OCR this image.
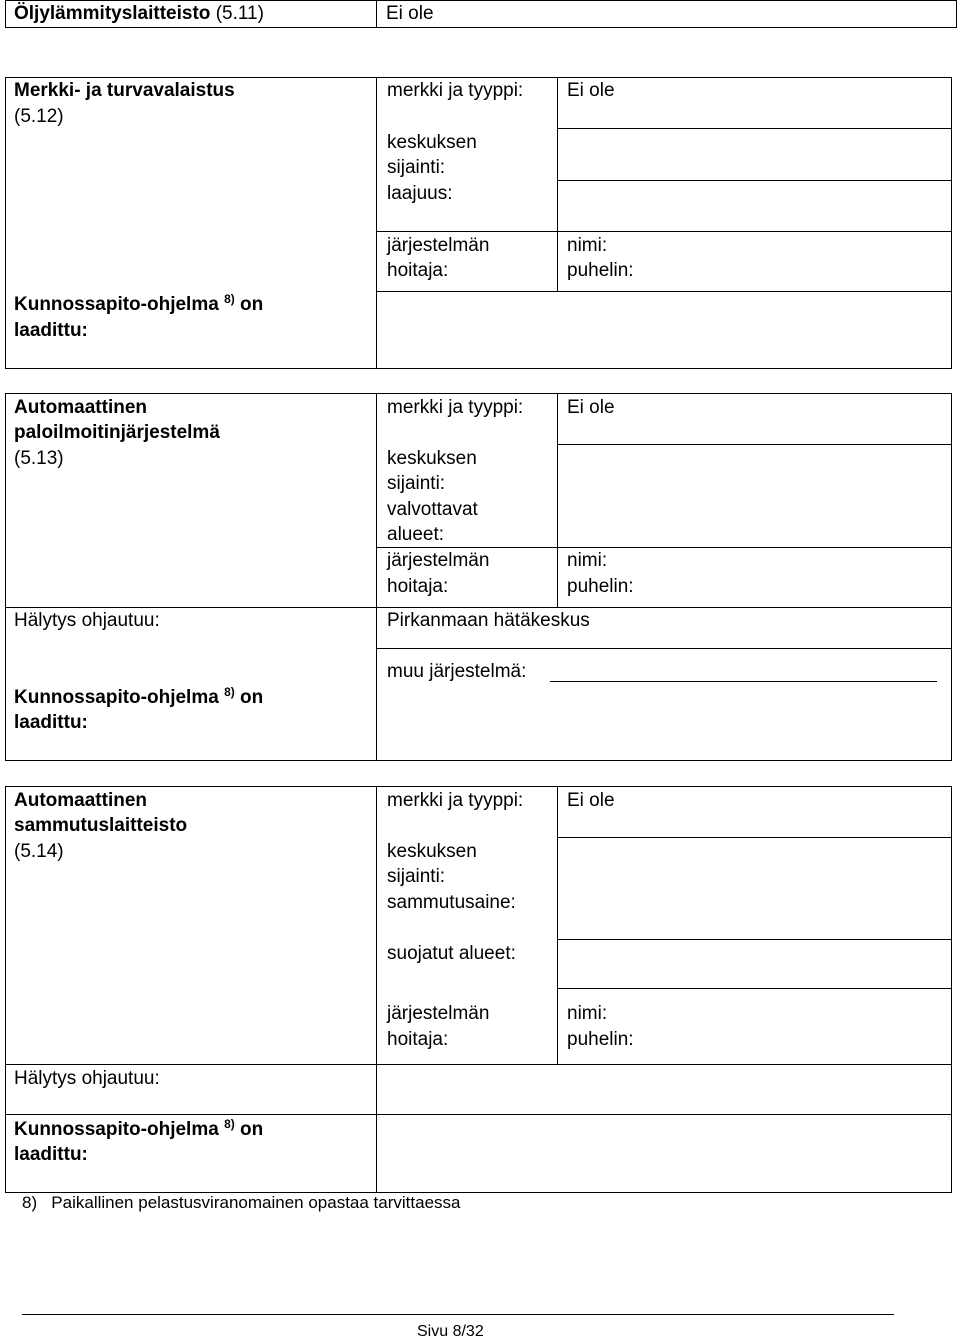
Öljylämmityslaitteisto (5.11)	Ei ole
Merkki- ja turvavalaistus
(5.12)
merkki ja tyyppi: Ei ole
keskuksen
sijainti:
laajuus:
järjestelmän
hoitaja:
nimi:
puhelin:
Kunnossapito-ohjelma $^{8)}$ on
laadittu:
Automaattinen
paloilmoitinjärjestelmä
(5.13)
merkki ja tyyppi: Ei ole
keskuksen
sijainti:
valvottavat
alueet:
järjestelmän
hoitaja:
nimi:
puhelin:
Hälytys ohjautuu:	Pirkanmaan hätäkeskus
muu järjestelmä:
Kunnossapito-ohjelma $^{8)}$ on
laadittu:
Automaattinen
sammutuslaitteisto
(5.14)
merkki ja tyyppi: Ei ole
keskuksen
sijainti:
sammutusaine:
suojatut alueet:
järjestelmän
hoitaja:
nimi:
puhelin:
Hälytys ohjautuu:
Kunnossapito-ohjelma $^{8)}$ on
laadittu:
8) Paikallinen pelastusviranomainen opastaa tarvittaessa
Sivu 8/32
